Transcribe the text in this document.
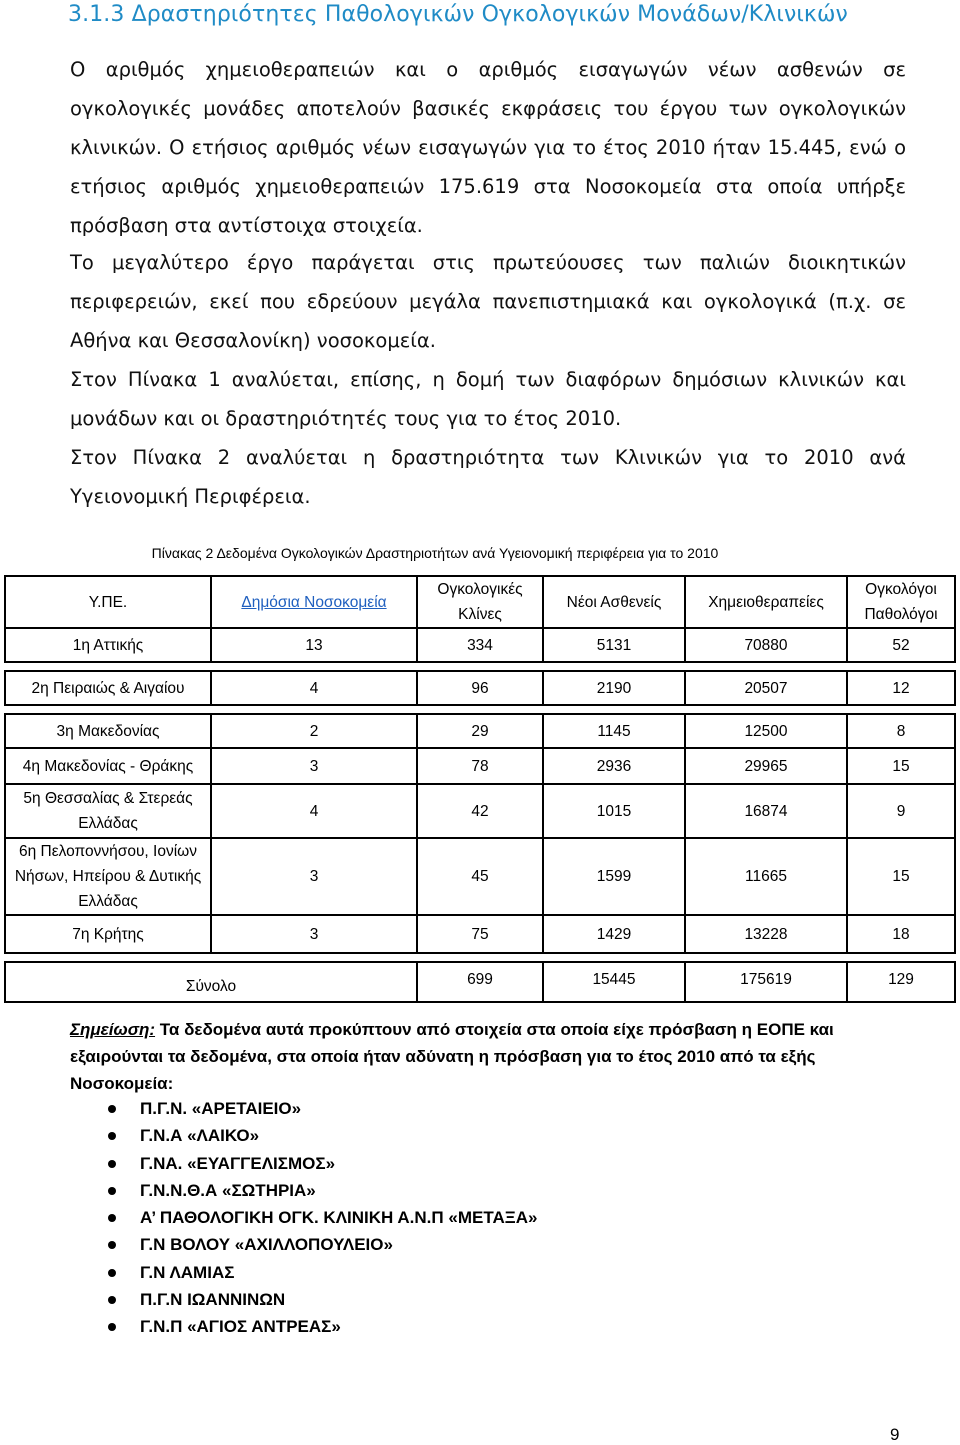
3.1.3 Δραστηριότητες Παθολογικών Ογκολογικών Μονάδων/Κλινικών
Ο αριθμός χημειοθεραπειών και ο αριθμός εισαγωγών νέων ασθενών σε ογκολογικές μονάδες αποτελούν βασικές εκφράσεις του έργου των ογκολογικών κλινικών. Ο ετήσιος αριθμός νέων εισαγωγών για το έτος 2010 ήταν 15.445, ενώ ο ετήσιος αριθμός χημειοθεραπειών 175.619 στα Νοσοκομεία στα οποία υπήρξε πρόσβαση στα αντίστοιχα στοιχεία.
Το μεγαλύτερο έργο παράγεται στις πρωτεύουσες των παλιών διοικητικών περιφερειών, εκεί που εδρεύουν μεγάλα πανεπιστημιακά και ογκολογικά (π.χ. σε Αθήνα και Θεσσαλονίκη) νοσοκομεία.
Στον Πίνακα 1 αναλύεται, επίσης, η δομή των διαφόρων δημόσιων κλινικών και μονάδων και οι δραστηριότητές τους για το έτος 2010.
Στον Πίνακα 2 αναλύεται η δραστηριότητα των Κλινικών για το 2010 ανά Υγειονομική Περιφέρεια.
Πίνακας 2 Δεδομένα Ογκολογικών Δραστηριοτήτων ανά Υγειονομική περιφέρεια για το 2010
Υ.ΠΕ.	Δημόσια Νοσοκομεία	Ογκολογικές Κλίνες	Νέοι Ασθενείς	Χημειοθεραπείες	Ογκολόγοι Παθολόγοι
1η Αττικής	13	334	5131	70880	52

2η Πειραιώς & Αιγαίου	4	96	2190	20507	12

3η Μακεδονίας	2	29	1145	12500	8
4η Μακεδονίας - Θράκης	3	78	2936	29965	15
5η Θεσσαλίας & Στερεάς Ελλάδας	4	42	1015	16874	9
6η Πελοποννήσου, Ιονίων Νήσων, Ηπείρου & Δυτικής Ελλάδας	3	45	1599	11665	15
7η Κρήτης	3	75	1429	13228	18

Σύνολο		699	15445	175619	129
Σημείωση: Τα δεδομένα αυτά προκύπτουν από στοιχεία στα οποία είχε πρόσβαση η ΕΟΠΕ και εξαιρούνται τα δεδομένα, στα οποία ήταν αδύνατη η πρόσβαση για το έτος 2010 από τα εξής Νοσοκομεία:
Π.Γ.Ν. «ΑΡΕΤΑΙΕΙΟ»
Γ.Ν.Α «ΛΑΙΚΟ»
Γ.ΝΑ. «ΕΥΑΓΓΕΛΙΣΜΟΣ»
Γ.Ν.Ν.Θ.Α «ΣΩΤΗΡΙΑ»
Α’ ΠΑΘΟΛΟΓΙΚΗ ΟΓΚ. ΚΛΙΝΙΚΗ Α.Ν.Π «ΜΕΤΑΞΑ»
Γ.Ν ΒΟΛΟΥ «ΑΧΙΛΛΟΠΟΥΛΕΙΟ»
Γ.Ν ΛΑΜΙΑΣ
Π.Γ.Ν ΙΩΑΝΝΙΝΩΝ
Γ.Ν.Π «ΑΓΙΟΣ ΑΝΤΡΕΑΣ»
9
